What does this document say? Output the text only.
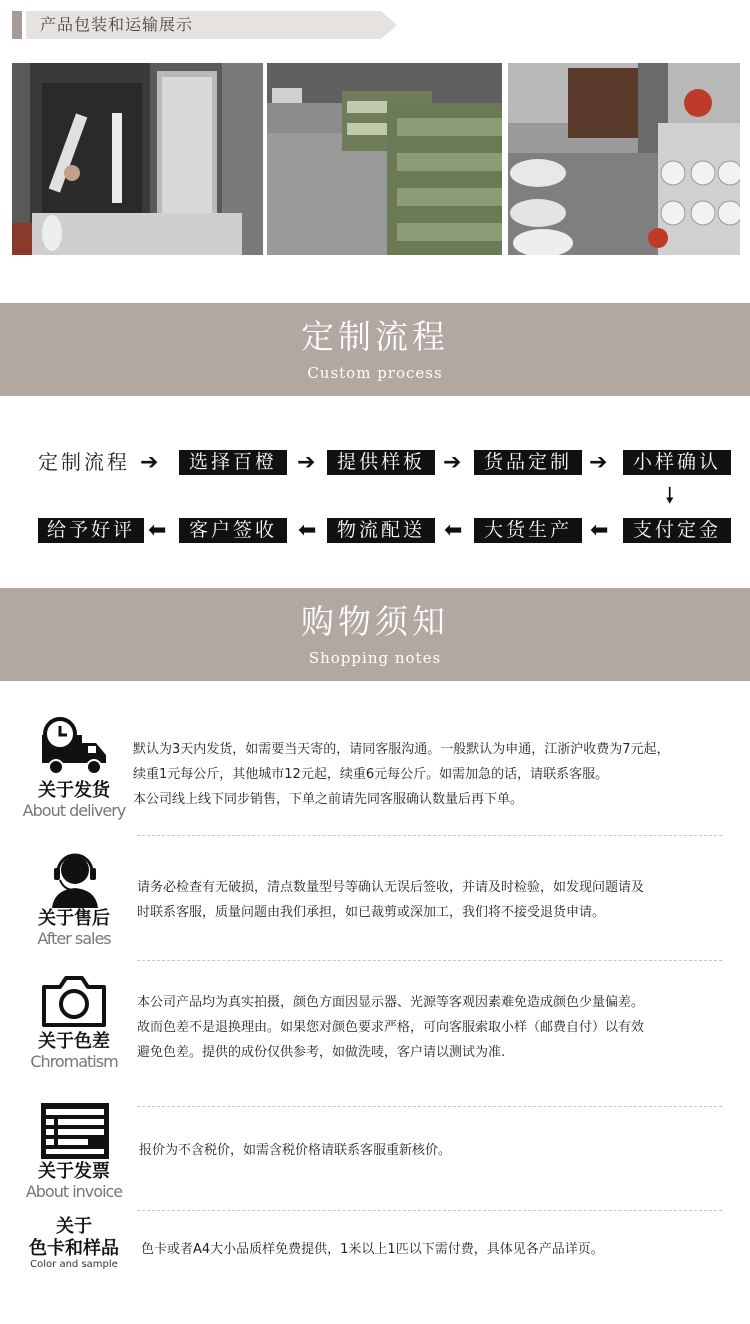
产品包装和运输展示
定制流程
Custom process
定制流程 ➔	选择百橙 ➔	提供样板 ➔	货品定制 ➔	小样确认
🠗
给予好评 ⬅	客户签收 ⬅	物流配送 ⬅	大货生产 ⬅	支付定金
购物须知
Shopping notes
关于发货
About delivery
默认为3天内发货，如需要当天寄的，请同客服沟通。一般默认为申通，江浙沪收费为7元起，
续重1元每公斤，其他城市12元起，续重6元每公斤。如需加急的话，请联系客服。
本公司线上线下同步销售，下单之前请先同客服确认数量后再下单。
关于售后
After sales
请务必检查有无破损，清点数量型号等确认无误后签收，并请及时检验，如发现问题请及
时联系客服，质量问题由我们承担，如已裁剪或深加工，我们将不接受退货申请。
关于色差
Chromatism
本公司产品均为真实拍摄，颜色方面因显示器、光源等客观因素难免造成颜色少量偏差。
故而色差不是退换理由。如果您对颜色要求严格，可向客服索取小样（邮费自付）以有效
避免色差。提供的成份仅供参考，如做洗唛，客户请以测试为准.
关于发票
About invoice
报价为不含税价，如需含税价格请联系客服重新核价。
关于
色卡和样品
Color and sample
色卡或者A4大小品质样免费提供，1米以上1匹以下需付费，具体见各产品详页。
